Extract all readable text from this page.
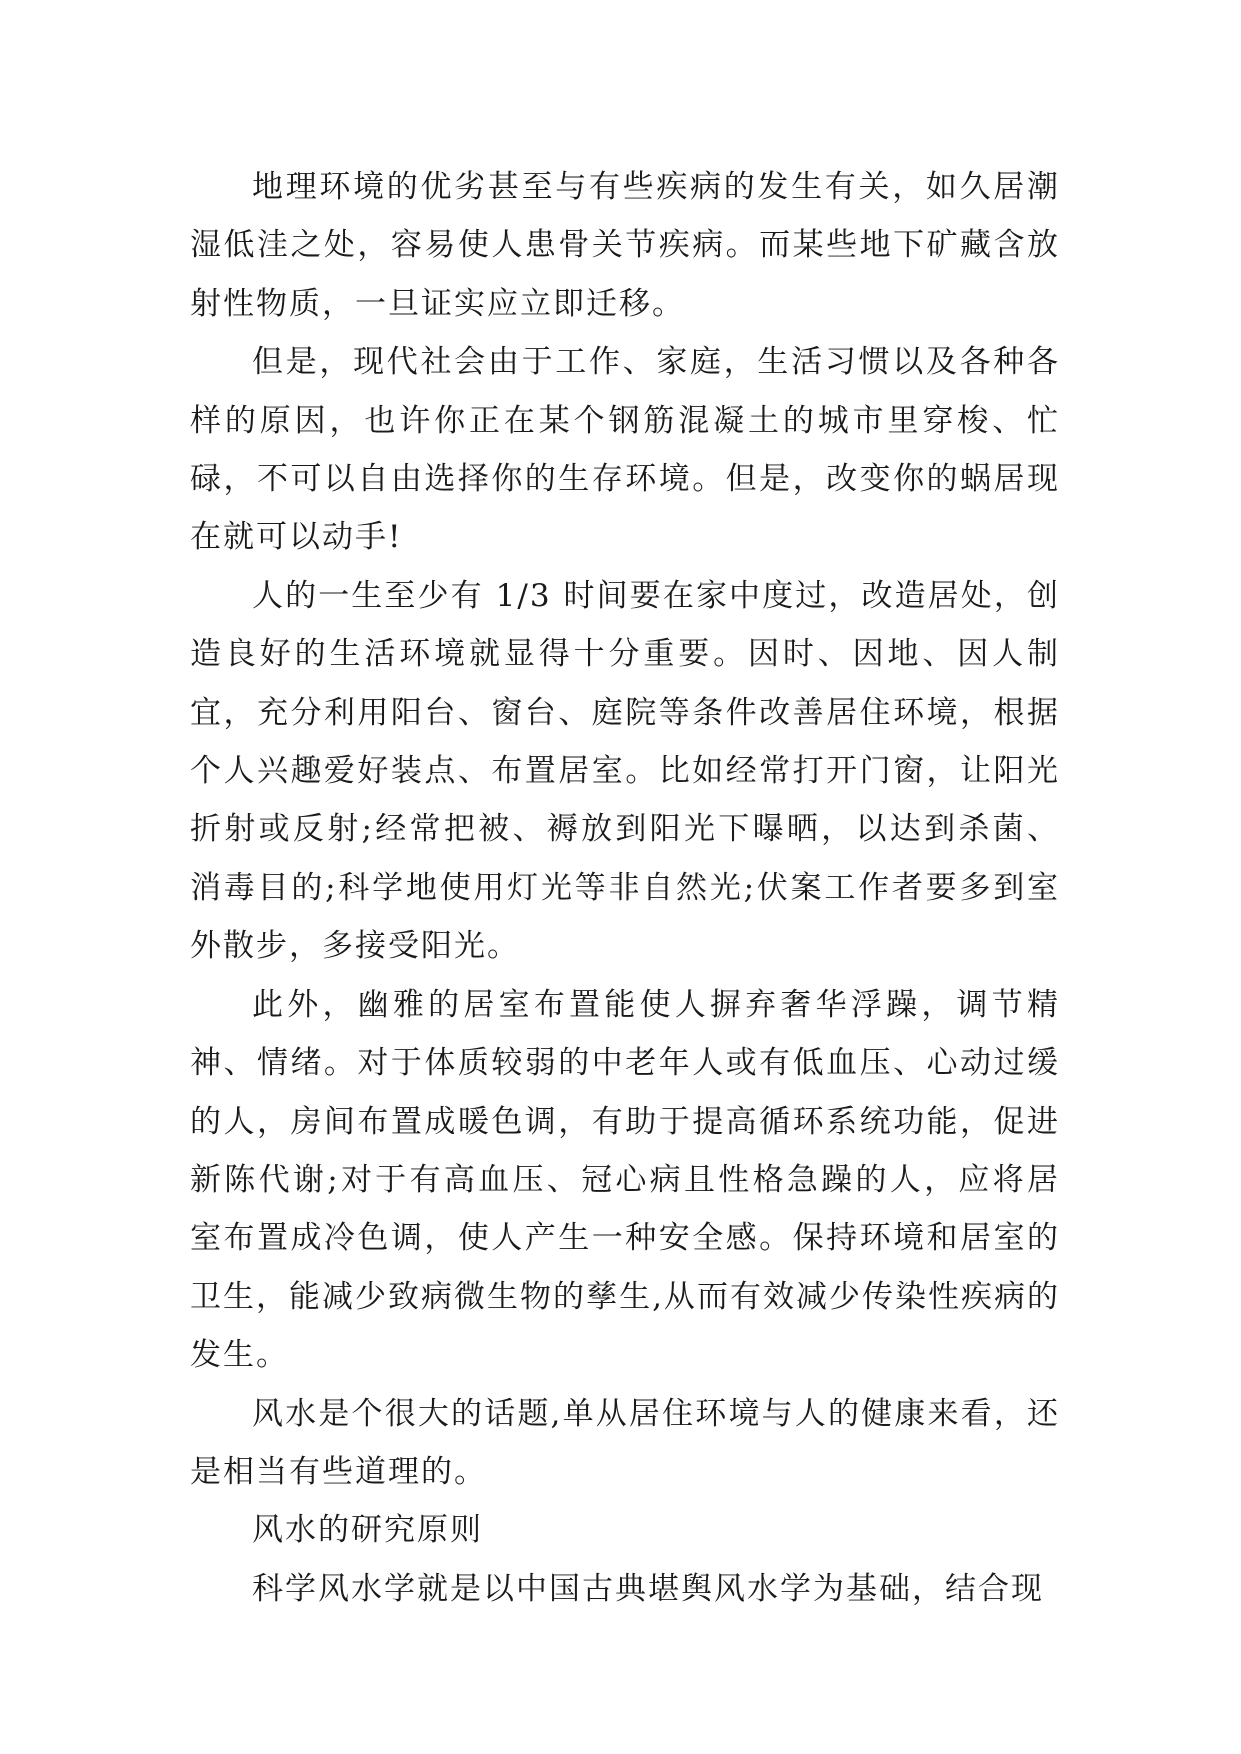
地理环境的优劣甚至与有些疾病的发生有关，如久居潮湿低洼之处，容易使人患骨关节疾病。而某些地下矿藏含放射性物质，一旦证实应立即迁移。

但是，现代社会由于工作、家庭，生活习惯以及各种各样的原因，也许你正在某个钢筋混凝土的城市里穿梭、忙碌，不可以自由选择你的生存环境。但是，改变你的蜗居现在就可以动手!

人的一生至少有 1/3 时间要在家中度过，改造居处，创造良好的生活环境就显得十分重要。因时、因地、因人制宜，充分利用阳台、窗台、庭院等条件改善居住环境，根据个人兴趣爱好装点、布置居室。比如经常打开门窗，让阳光折射或反射;经常把被、褥放到阳光下曝晒，以达到杀菌、消毒目的;科学地使用灯光等非自然光;伏案工作者要多到室外散步，多接受阳光。

此外，幽雅的居室布置能使人摒弃奢华浮躁，调节精神、情绪。对于体质较弱的中老年人或有低血压、心动过缓的人，房间布置成暖色调，有助于提高循环系统功能，促进新陈代谢;对于有高血压、冠心病且性格急躁的人，应将居室布置成冷色调，使人产生一种安全感。保持环境和居室的卫生，能减少致病微生物的孳生,从而有效减少传染性疾病的发生。

风水是个很大的话题,单从居住环境与人的健康来看，还是相当有些道理的。

风水的研究原则

科学风水学就是以中国古典堪舆风水学为基础，结合现
